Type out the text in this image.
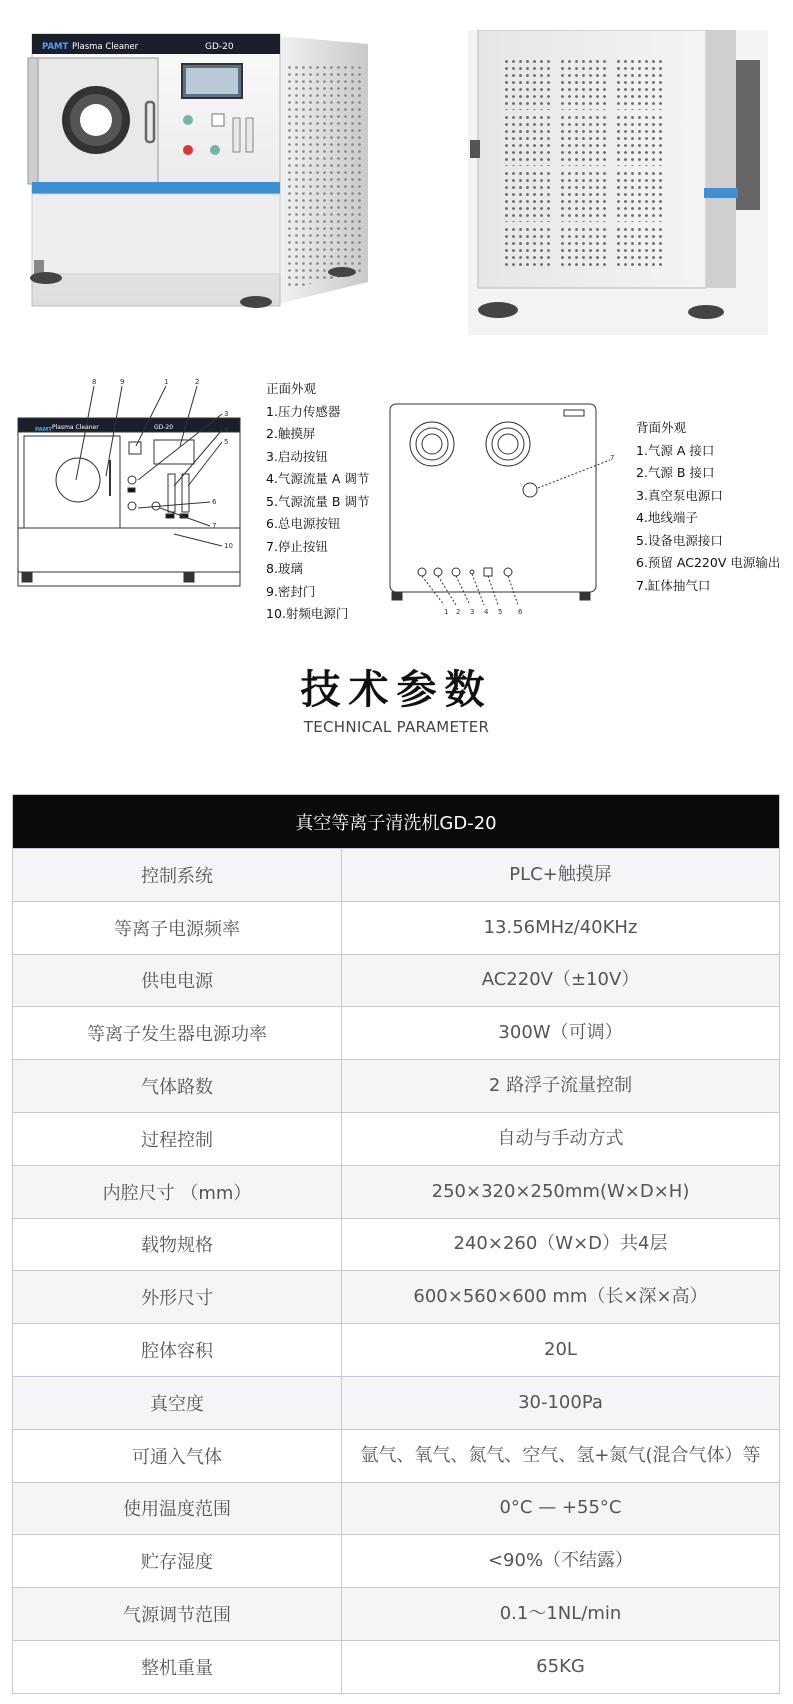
PAMT Plasma Cleaner	GD-20
PAMT Plasma Cleaner	GD-20
8	9	1	2
3
4
5
6
7
10
正面外观
1.压力传感器
2.触摸屏
3.启动按钮
4.气源流量 A 调节
5.气源流量 B 调节
6.总电源按钮
7.停止按钮
8.玻璃
9.密封门
10.射频电源门
7
1 2 3 4 5 6
背面外观
1.气源 A 接口
2.气源 B 接口
3.真空泵电源口
4.地线端子
5.设备电源接口
6.预留 AC220V 电源输出
7.缸体抽气口
技术参数
TECHNICAL PARAMETER
真空等离子清洗机GD-20
控制系统	PLC+触摸屏
等离子电源频率	13.56MHz/40KHz
供电电源	AC220V（±10V）
等离子发生器电源功率	300W（可调）
气体路数	2 路浮子流量控制
过程控制	自动与手动方式
内腔尺寸 （mm）	250×320×250mm(W×D×H)
载物规格	240×260（W×D）共4层
外形尺寸	600×560×600 mm（长×深×高）
腔体容积	20L
真空度	30-100Pa
可通入气体	氩气、氧气、氮气、空气、氢+氮气(混合气体）等
使用温度范围	0°C — +55°C
贮存湿度	<90%（不结露）
气源调节范围	0.1～1NL/min
整机重量	65KG
